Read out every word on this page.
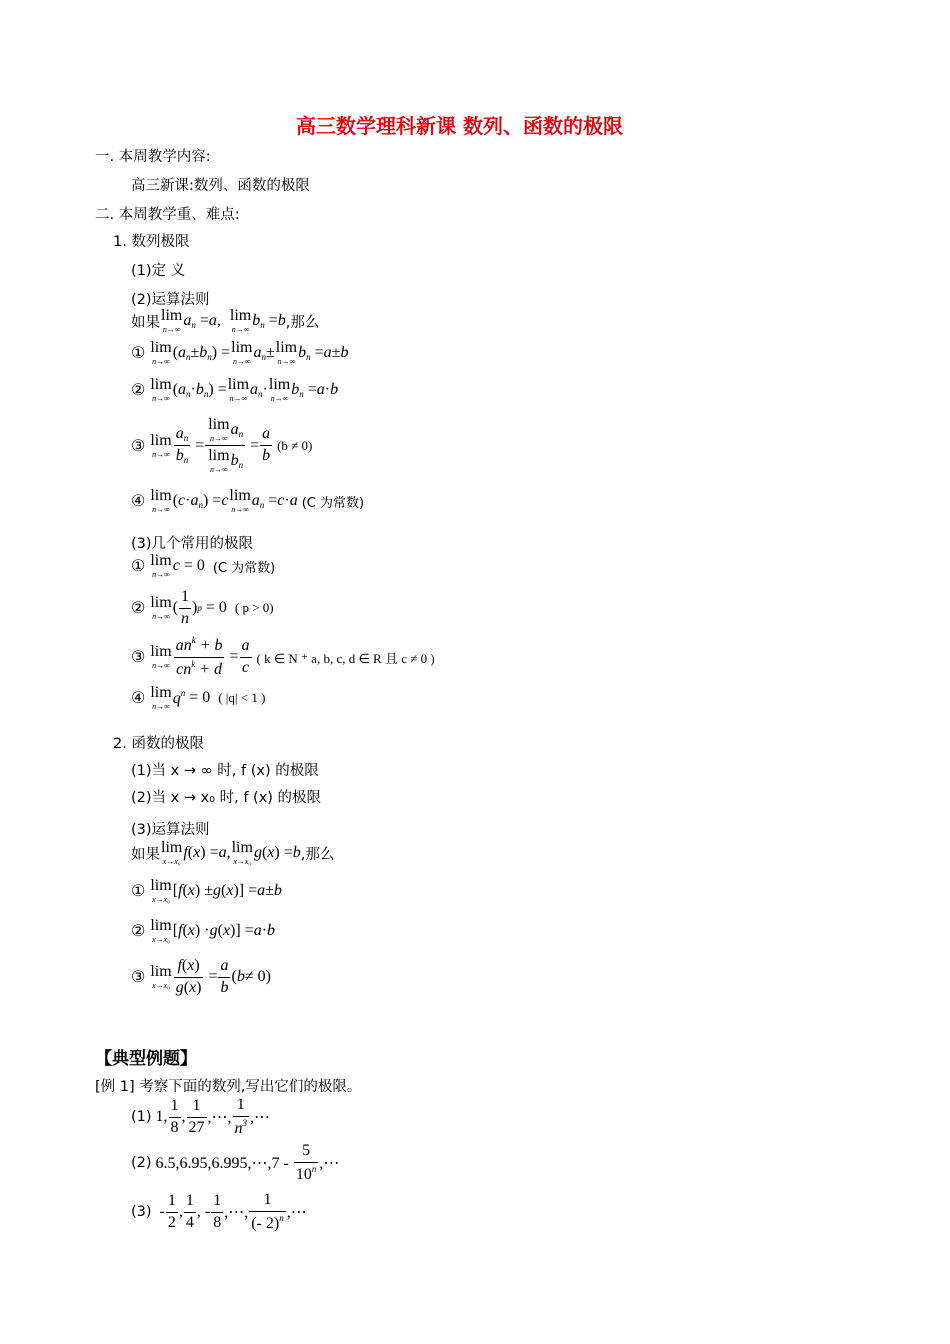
高三数学理科新课 数列、函数的极限
一. 本周教学内容:
高三新课:数列、函数的极限
二. 本周教学重、难点:
1. 数列极限
(1)定 义
(2)运算法则
如果 lim
n→∞
$a_n = a$ , lim
n→∞
$b_n = b$ ,那么
①
lim
n→∞
( $a_n \pm b_n$ ) = lim
n→∞
$a_n \pm \lim$
n→∞
$b_n = a \pm b$
②
lim
n→∞
( $a_n \cdot b_n$ ) = lim
n→∞
$a_n \cdot \lim$
n→∞
$b_n = a \cdot b$
③
lim
$n\to\infty \frac{a_n}{b_n} = \lim$
n→∞
$a_n$
lim
n→∞
$b_n = \frac{a}{b}$
(b ≠ 0)
④
lim
n→∞
( $c \cdot a_n$ ) = c lim
n→∞
$a_n = c \cdot a$
(C 为常数)
(3)几个常用的极限
①
lim
n→∞
c = 0 (C 为常数)
②
lim
n→∞
( $\frac{1}{n}$ ) p = 0 ( p > 0)
③
lim
$n\to\infty \frac{an^k + b}{cn^k + d} = \frac{a}{c}$
( k ∈ N ⁺ a, b, c, d ∈ R 且 c ≠ 0 )
④
lim
n→∞ $q^n = 0$ ( |q| < 1 )
2. 函数的极限
(1)当 x → ∞ 时, f (x) 的极限
(2)当 x → x₀ 时, f (x) 的极限
(3)运算法则
如果 lim
x→x₀
f ( x ) = a , lim
x→x₀
g ( x ) = b ,那么
①
lim
x→x₀
[ f ( x ) ± g ( x )] = a ± b
②
lim
x→x₀
[ f ( x ) · g ( x )] = a · b
③
lim
$x\to x_0 \frac{f(x)}{g(x)} = \frac{a}{b}$ ( b ≠ 0)
【典型例题】
[例 1] 考察下面的数列,写出它们的极限。
(1) 1, $\frac{1}{8}$ , $\frac{1}{27}$ ,⋯, $\frac{1}{n^3}$ ,⋯
(2)
6.5,6.95,6.995,⋯,7 -
$\frac{5}{10^n}$ ,⋯
$(3) - \frac{1}{2}$ , $\frac{1}{4}$ , - $\frac{1}{8}$ ,⋯, $\frac{1}{(- 2)^n}$ ,⋯
